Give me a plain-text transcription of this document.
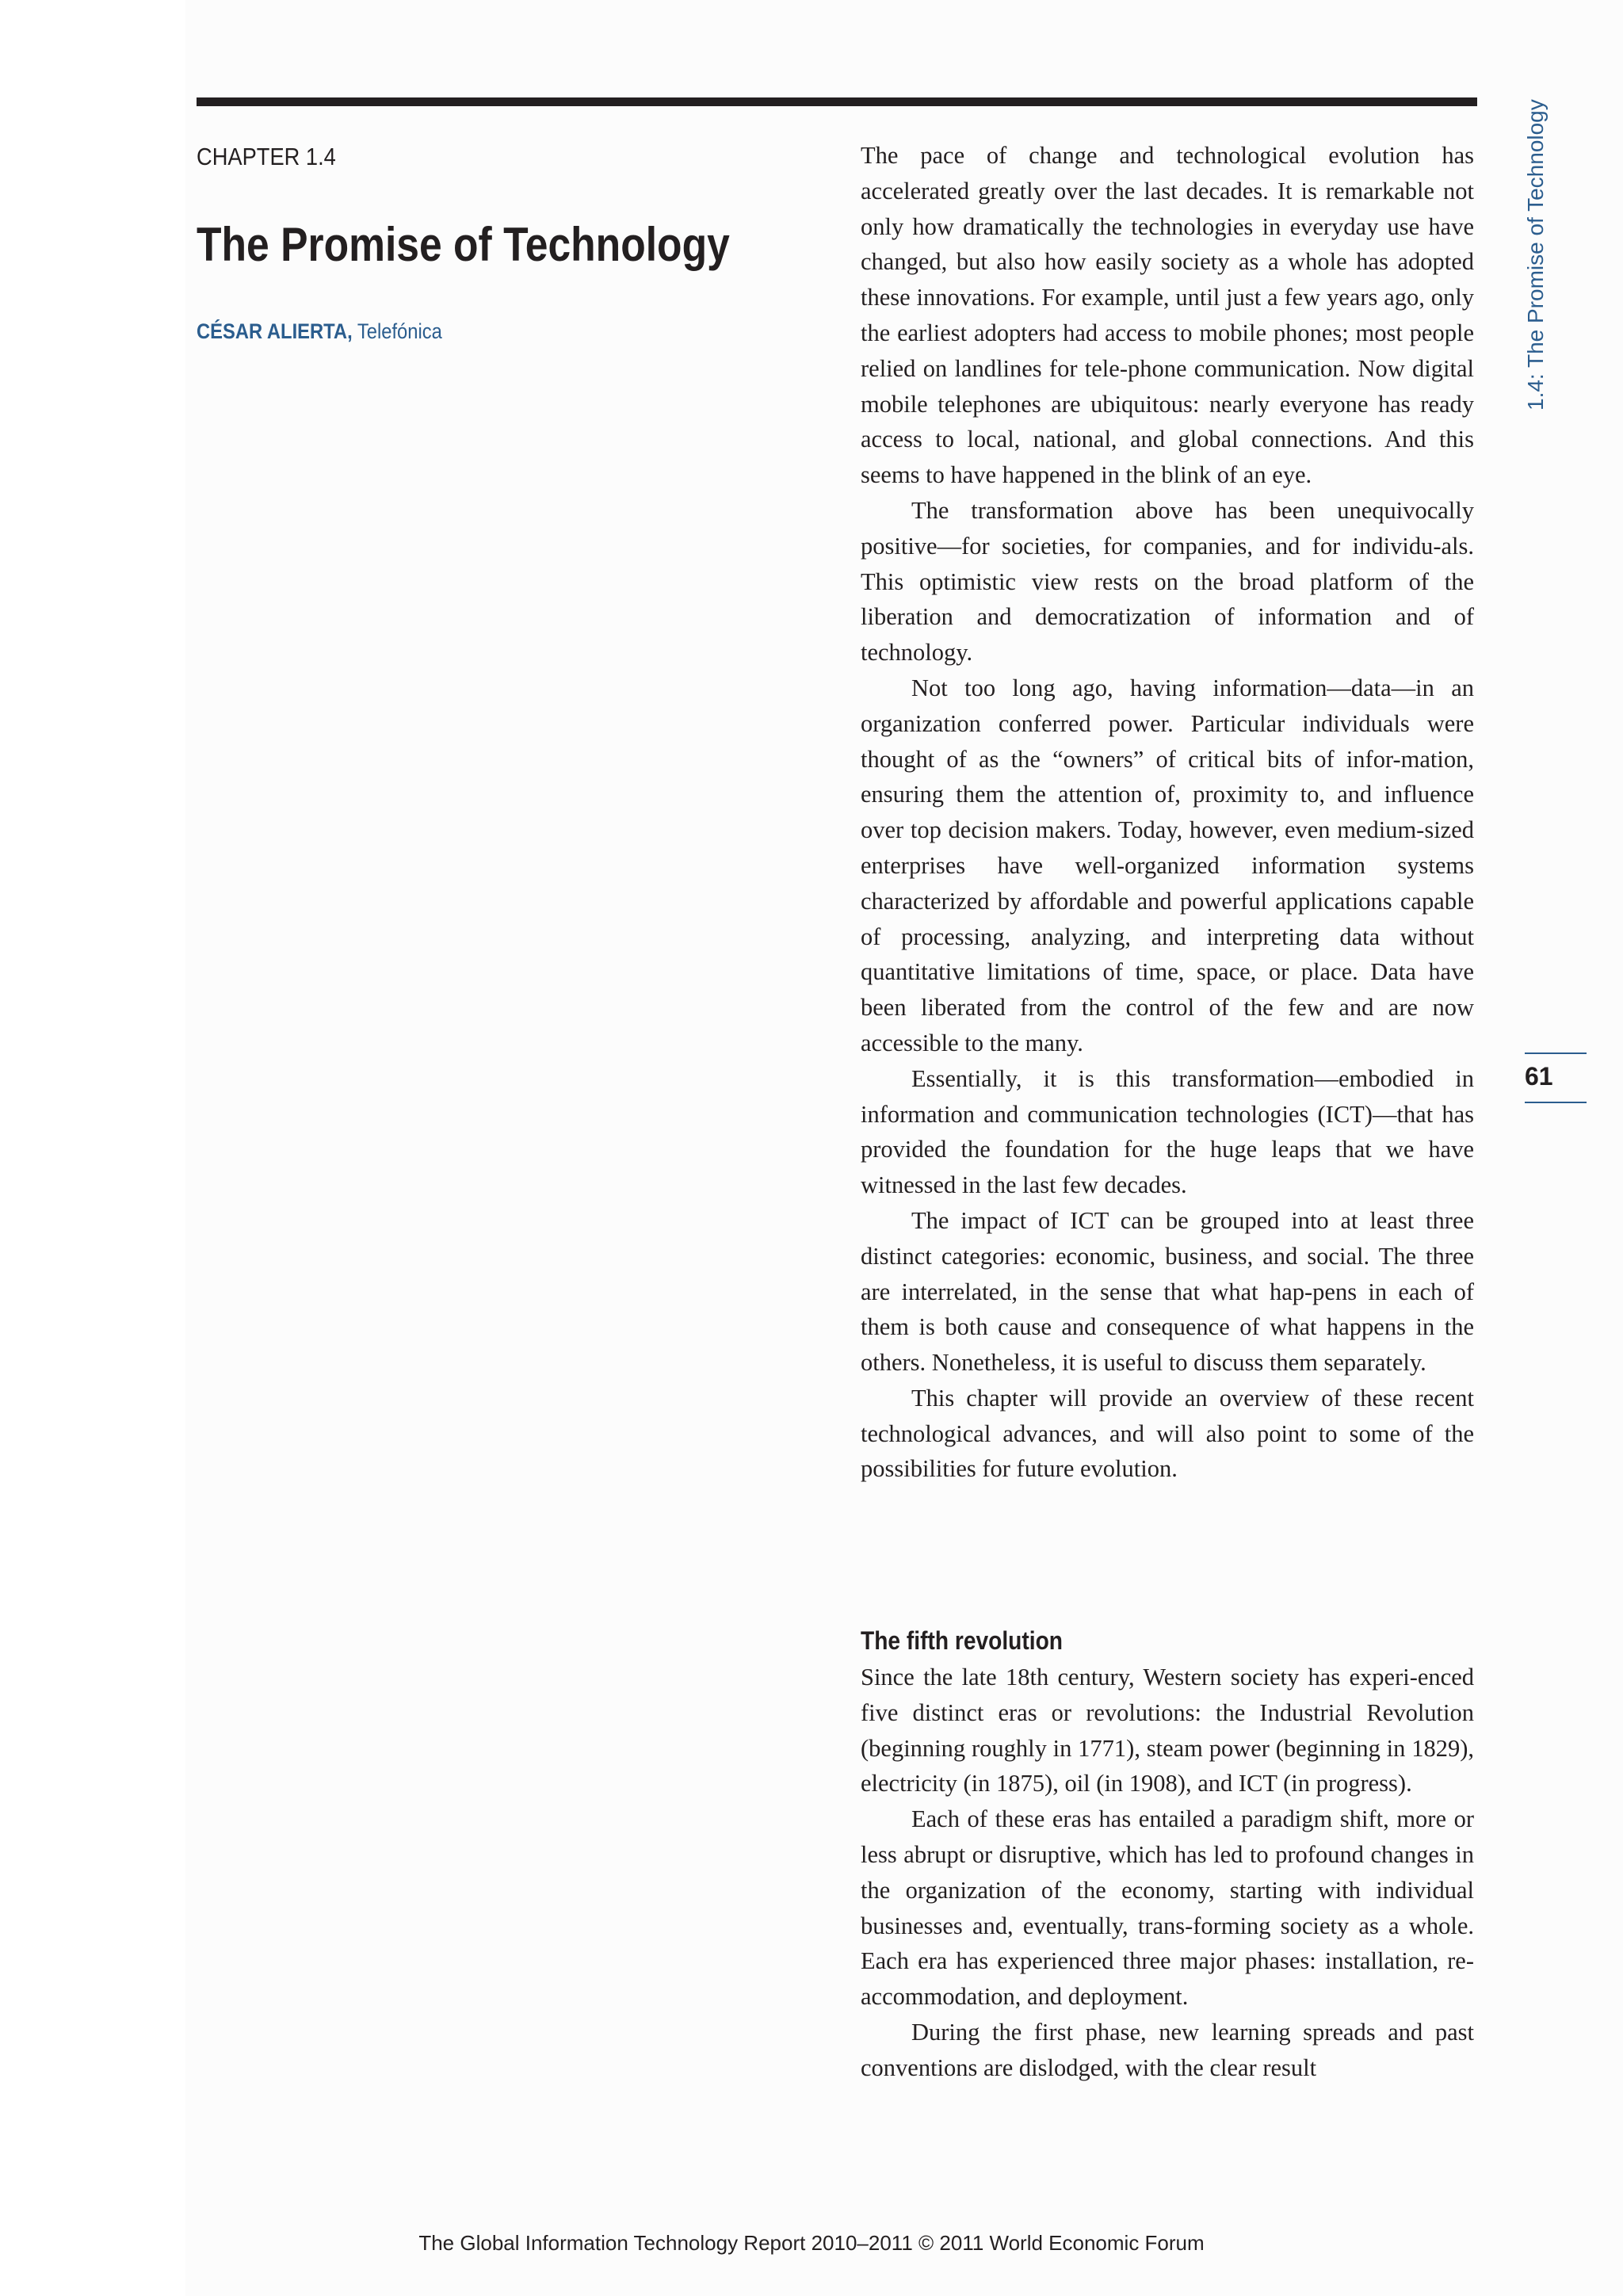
CHAPTER 1.4
The Promise of Technology
CÉSAR ALIERTA, Telefónica

The pace of change and technological evolution has accelerated greatly over the last decades. It is remarkable not only how dramatically the technologies in everyday use have changed, but also how easily society as a whole has adopted these innovations. For example, until just a few years ago, only the earliest adopters had access to mobile phones; most people relied on landlines for tele-phone communication. Now digital mobile telephones are ubiquitous: nearly everyone has ready access to local, national, and global connections. And this seems to have happened in the blink of an eye.

The transformation above has been unequivocally positive—for societies, for companies, and for individu-als. This optimistic view rests on the broad platform of the liberation and democratization of information and of technology.

Not too long ago, having information—data—in an organization conferred power. Particular individuals were thought of as the “owners” of critical bits of infor-mation, ensuring them the attention of, proximity to, and influence over top decision makers. Today, however, even medium-sized enterprises have well-organized information systems characterized by affordable and powerful applications capable of processing, analyzing, and interpreting data without quantitative limitations of time, space, or place. Data have been liberated from the control of the few and are now accessible to the many.

Essentially, it is this transformation—embodied in information and communication technologies (ICT)—that has provided the foundation for the huge leaps that we have witnessed in the last few decades.

The impact of ICT can be grouped into at least three distinct categories: economic, business, and social. The three are interrelated, in the sense that what hap-pens in each of them is both cause and consequence of what happens in the others. Nonetheless, it is useful to discuss them separately.

This chapter will provide an overview of these recent technological advances, and will also point to some of the possibilities for future evolution.

The fifth revolution

Since the late 18th century, Western society has experi-enced five distinct eras or revolutions: the Industrial Revolution (beginning roughly in 1771), steam power (beginning in 1829), electricity (in 1875), oil (in 1908), and ICT (in progress).

Each of these eras has entailed a paradigm shift, more or less abrupt or disruptive, which has led to profound changes in the organization of the economy, starting with individual businesses and, eventually, trans-forming society as a whole. Each era has experienced three major phases: installation, re-accommodation, and deployment.

During the first phase, new learning spreads and past conventions are dislodged, with the clear result

1.4: The Promise of Technology
61
The Global Information Technology Report 2010–2011 © 2011 World Economic Forum
